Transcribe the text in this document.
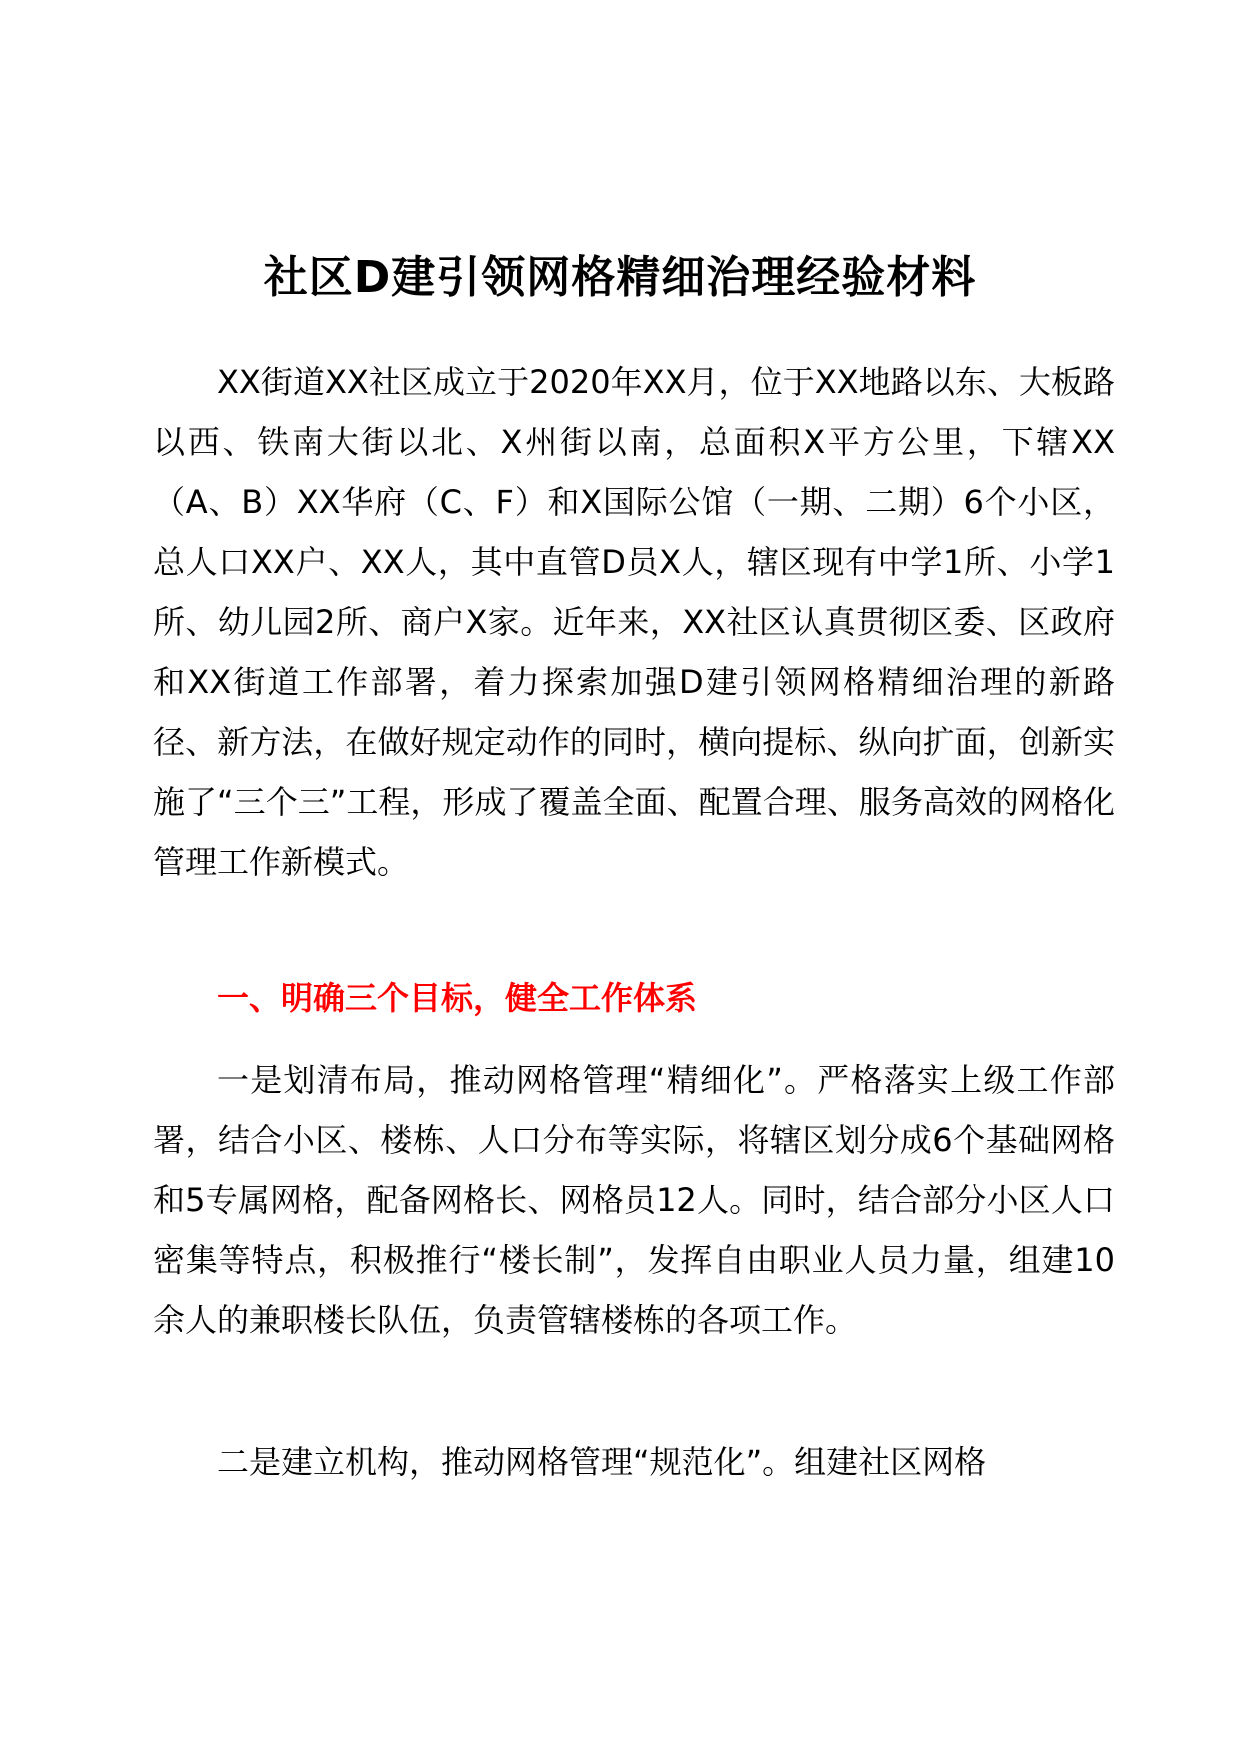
社区D建引领网格精细治理经验材料

XX街道XX社区成立于2020年XX月，位于XX地路以东、大板路以西、铁南大街以北、X州街以南，总面积X平方公里，下辖XX（A、B）XX华府（C、F）和X国际公馆（一期、二期）6个小区，总人口XX户、XX人，其中直管D员X人，辖区现有中学1所、小学1所、幼儿园2所、商户X家。近年来，XX社区认真贯彻区委、区政府和XX街道工作部署，着力探索加强D建引领网格精细治理的新路径、新方法，在做好规定动作的同时，横向提标、纵向扩面，创新实施了“三个三”工程，形成了覆盖全面、配置合理、服务高效的网格化管理工作新模式。

一、明确三个目标，健全工作体系

一是划清布局，推动网格管理“精细化”。严格落实上级工作部署，结合小区、楼栋、人口分布等实际，将辖区划分成6个基础网格和5专属网格，配备网格长、网格员12人。同时，结合部分小区人口密集等特点，积极推行“楼长制”，发挥自由职业人员力量，组建10余人的兼职楼长队伍，负责管辖楼栋的各项工作。

二是建立机构，推动网格管理“规范化”。组建社区网格
